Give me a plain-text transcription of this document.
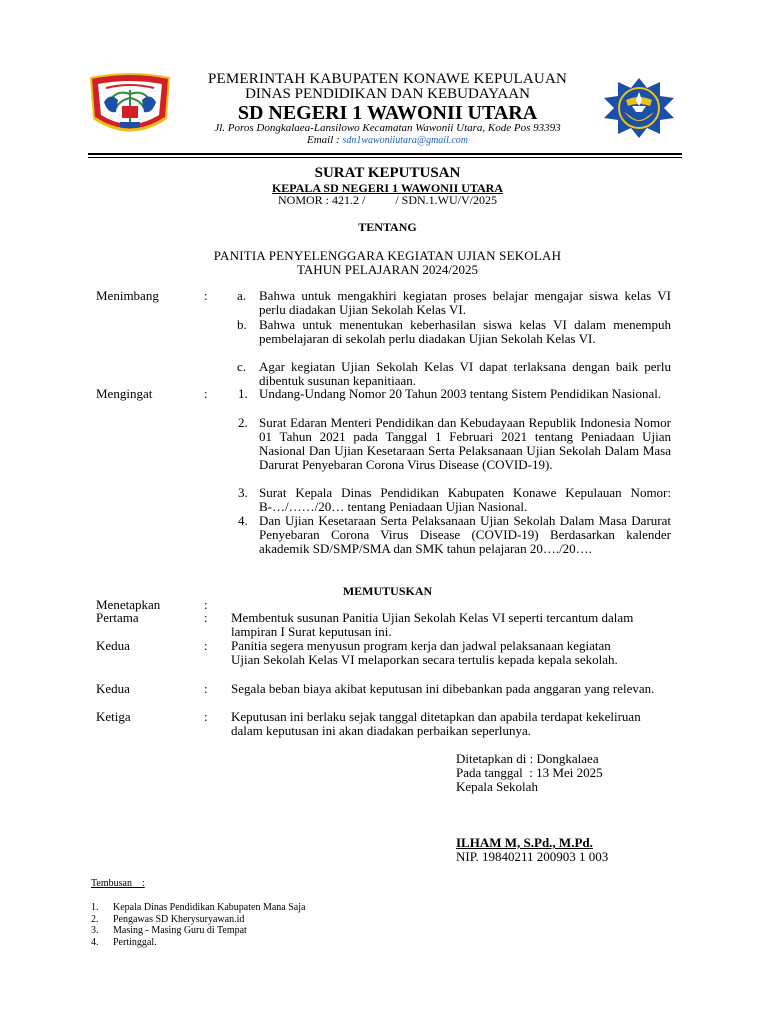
PEMERINTAH KABUPATEN KONAWE KEPULAUAN
DINAS PENDIDIKAN DAN KEBUDAYAAN
SD NEGERI 1 WAWONII UTARA
Jl. Poros Dongkalaea-Lansilowo Kecamatan Wawonii Utara, Kode Pos 93393
Email : sdn1wawoniiutara@gmail.com
SURAT KEPUTUSAN
KEPALA SD NEGERI 1 WAWONII UTARA
NOMOR : 421.2 /          / SDN.1.WU/V/2025
TENTANG
PANITIA PENYELENGGARA KEGIATAN UJIAN SEKOLAH
TAHUN PELAJARAN 2024/2025
Menimbang	: a. Bahwa untuk mengakhiri kegiatan proses belajar mengajar siswa kelas VI perlu diadakan Ujian Sekolah Kelas VI.
b. Bahwa untuk menentukan keberhasilan siswa kelas VI dalam menempuh pembelajaran di sekolah perlu diadakan Ujian Sekolah Kelas VI.
c. Agar kegiatan Ujian Sekolah Kelas VI dapat terlaksana dengan baik perlu dibentuk susunan kepanitiaan.
Mengingat	: 1. Undang-Undang Nomor 20 Tahun 2003 tentang Sistem Pendidikan Nasional.
2. Surat Edaran Menteri Pendidikan dan Kebudayaan Republik Indonesia Nomor 01 Tahun 2021 pada Tanggal 1 Februari 2021 tentang Peniadaan Ujian Nasional Dan Ujian Kesetaraan Serta Pelaksanaan Ujian Sekolah Dalam Masa Darurat Penyebaran Corona Virus Disease (COVID-19).
3. Surat Kepala Dinas Pendidikan Kabupaten Konawe Kepulauan Nomor: B-…/……/20… tentang Peniadaan Ujian Nasional.
4. Dan Ujian Kesetaraan Serta Pelaksanaan Ujian Sekolah Dalam Masa Darurat Penyebaran Corona Virus Disease (COVID-19) Berdasarkan kalender akademik SD/SMP/SMA dan SMK tahun pelajaran 20…./20….
MEMUTUSKAN
Menetapkan	:
Pertama	: Membentuk susunan Panitia Ujian Sekolah Kelas VI seperti tercantum dalam lampiran I Surat keputusan ini.
Kedua	: Panitia segera menyusun program kerja dan jadwal pelaksanaan kegiatan Ujian Sekolah Kelas VI melaporkan secara tertulis kepada kepala sekolah.
Kedua	: Segala beban biaya akibat keputusan ini dibebankan pada anggaran yang relevan.
Ketiga	: Keputusan ini berlaku sejak tanggal ditetapkan dan apabila terdapat kekeliruan dalam keputusan ini akan diadakan perbaikan seperlunya.
Ditetapkan di : Dongkalaea
Pada tanggal  : 13 Mei 2025
Kepala Sekolah
ILHAM M, S.Pd., M.Pd.
NIP. 19840211 200903 1 003
Tembusan    :
1. Kepala Dinas Pendidikan Kabupaten Mana Saja
2. Pengawas SD Kherysuryawan.id
3. Masing - Masing Guru di Tempat
4. Pertinggal.
